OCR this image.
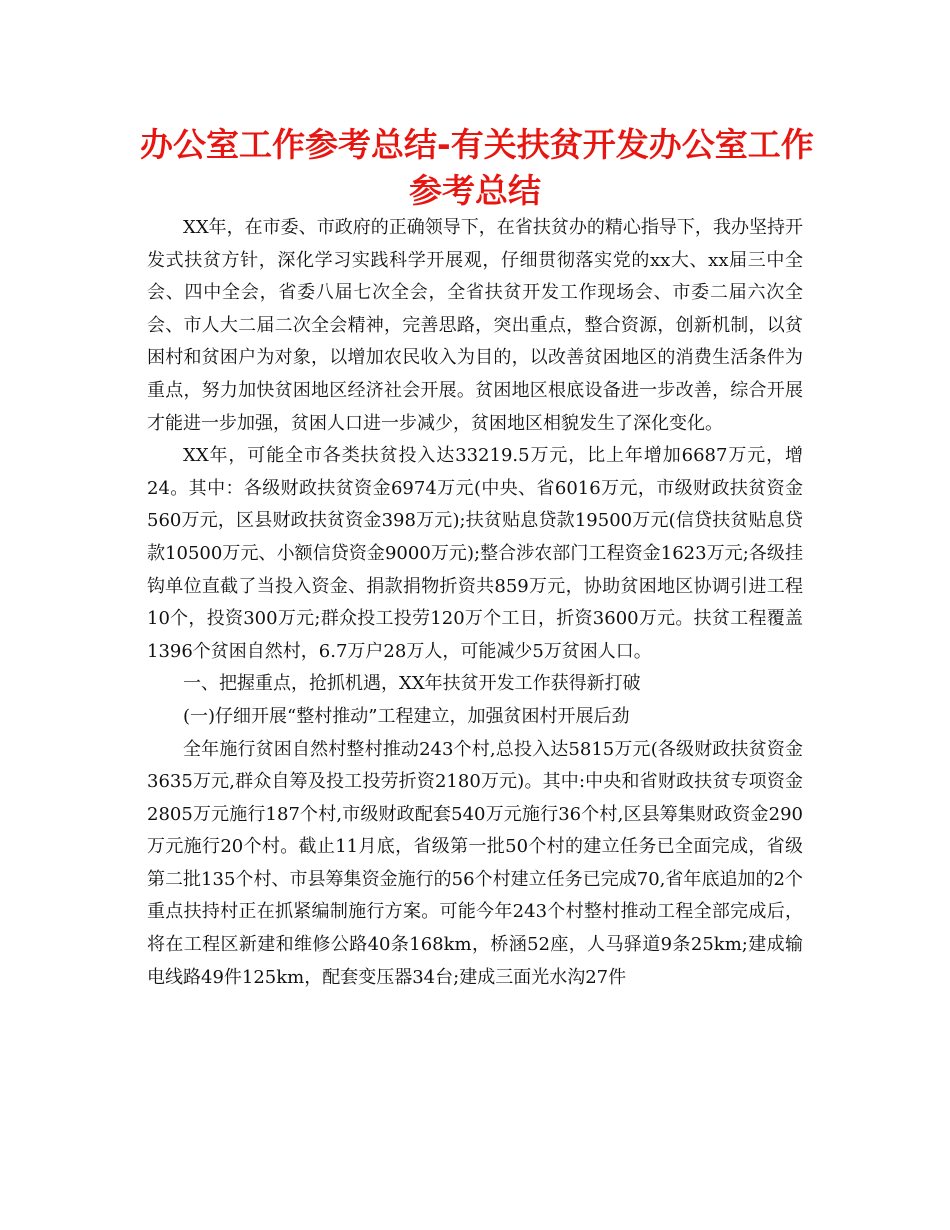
办公室工作参考总结-有关扶贫开发办公室工作
参考总结

XX年，在市委、市政府的正确领导下，在省扶贫办的精心指导下，我办坚持开发式扶贫方针，深化学习实践科学开展观，仔细贯彻落实党的xx大、xx届三中全会、四中全会，省委八届七次全会，全省扶贫开发工作现场会、市委二届六次全会、市人大二届二次全会精神，完善思路，突出重点，整合资源，创新机制，以贫困村和贫困户为对象，以增加农民收入为目的，以改善贫困地区的消费生活条件为重点，努力加快贫困地区经济社会开展。贫困地区根底设备进一步改善，综合开展才能进一步加强，贫困人口进一步减少，贫困地区相貌发生了深化变化。

XX年，可能全市各类扶贫投入达33219.5万元，比上年增加6687万元，增24。其中：各级财政扶贫资金6974万元(中央、省6016万元，市级财政扶贫资金560万元，区县财政扶贫资金398万元);扶贫贴息贷款19500万元(信贷扶贫贴息贷款10500万元、小额信贷资金9000万元);整合涉农部门工程资金1623万元;各级挂钩单位直截了当投入资金、捐款捐物折资共859万元，协助贫困地区协调引进工程10个，投资300万元;群众投工投劳120万个工日，折资3600万元。扶贫工程覆盖1396个贫困自然村，6.7万户28万人，可能减少5万贫困人口。

一、把握重点，抢抓机遇，XX年扶贫开发工作获得新打破

(一)仔细开展“整村推动”工程建立，加强贫困村开展后劲

全年施行贫困自然村整村推动243个村,总投入达5815万元(各级财政扶贫资金3635万元,群众自筹及投工投劳折资2180万元)。其中:中央和省财政扶贫专项资金2805万元施行187个村,市级财政配套540万元施行36个村,区县筹集财政资金290万元施行20个村。截止11月底，省级第一批50个村的建立任务已全面完成，省级第二批135个村、市县筹集资金施行的56个村建立任务已完成70,省年底追加的2个重点扶持村正在抓紧编制施行方案。可能今年243个村整村推动工程全部完成后，将在工程区新建和维修公路40条168km，桥涵52座，人马驿道9条25km;建成输电线路49件125km，配套变压器34台;建成三面光水沟27件
